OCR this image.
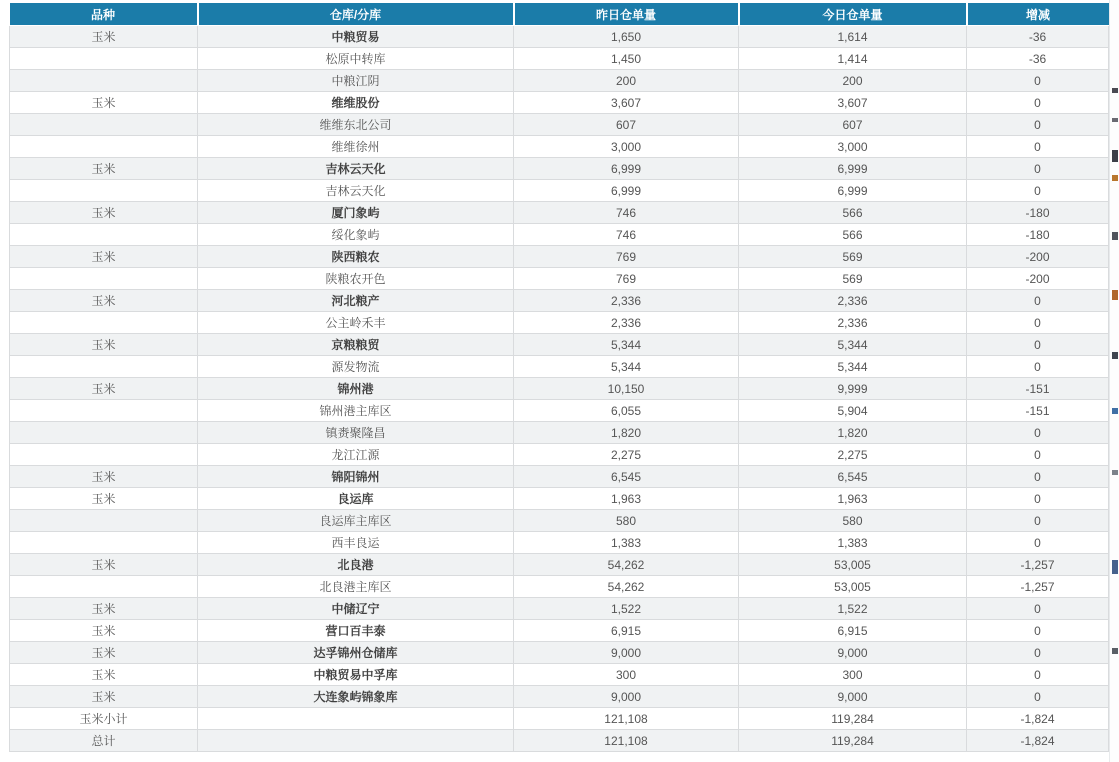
品种	仓库/分库	昨日仓单量	今日仓单量	增减
玉米	中粮贸易	1,650	1,614	-36
	松原中转库	1,450	1,414	-36
	中粮江阴	200	200	0
玉米	维维股份	3,607	3,607	0
	维维东北公司	607	607	0
	维维徐州	3,000	3,000	0
玉米	吉林云天化	6,999	6,999	0
	吉林云天化	6,999	6,999	0
玉米	厦门象屿	746	566	-180
	绥化象屿	746	566	-180
玉米	陕西粮农	769	569	-200
	陕粮农开色	769	569	-200
玉米	河北粮产	2,336	2,336	0
	公主岭禾丰	2,336	2,336	0
玉米	京粮粮贸	5,344	5,344	0
	源发物流	5,344	5,344	0
玉米	锦州港	10,150	9,999	-151
	锦州港主库区	6,055	5,904	-151
	镇赉聚隆昌	1,820	1,820	0
	龙江江源	2,275	2,275	0
玉米	锦阳锦州	6,545	6,545	0
玉米	良运库	1,963	1,963	0
	良运库主库区	580	580	0
	西丰良运	1,383	1,383	0
玉米	北良港	54,262	53,005	-1,257
	北良港主库区	54,262	53,005	-1,257
玉米	中储辽宁	1,522	1,522	0
玉米	营口百丰泰	6,915	6,915	0
玉米	达孚锦州仓储库	9,000	9,000	0
玉米	中粮贸易中孚库	300	300	0
玉米	大连象屿锦象库	9,000	9,000	0
玉米小计		121,108	119,284	-1,824
总计		121,108	119,284	-1,824
